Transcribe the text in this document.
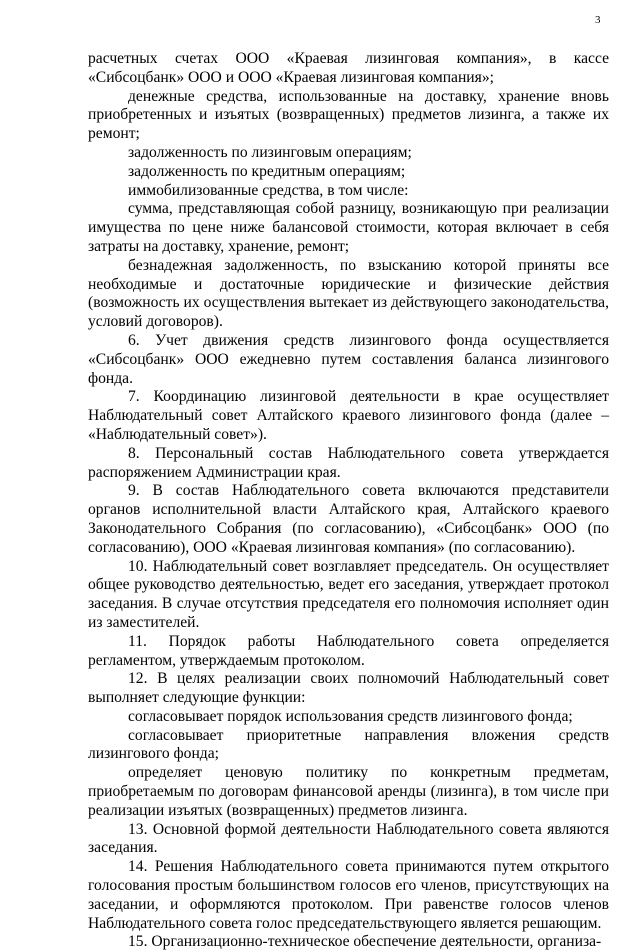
3

расчетных счетах ООО «Краевая лизинговая компания», в кассе «Сибсоцбанк» ООО и ООО «Краевая лизинговая компания»;

денежные средства, использованные на доставку, хранение вновь приобретенных и изъятых (возвращенных) предметов лизинга, а также их ремонт;

задолженность по лизинговым операциям;

задолженность по кредитным операциям;

иммобилизованные средства, в том числе:

сумма, представляющая собой разницу, возникающую при реализации имущества по цене ниже балансовой стоимости, которая включает в себя затраты на доставку, хранение, ремонт;

безнадежная задолженность, по взысканию которой приняты все необходимые и достаточные юридические и физические действия (возможность их осуществления вытекает из действующего законодательства, условий договоров).

6. Учет движения средств лизингового фонда осуществляется «Сибсоцбанк» ООО ежедневно путем составления баланса лизингового фонда.

7. Координацию лизинговой деятельности в крае осуществляет Наблюдательный совет Алтайского краевого лизингового фонда (далее – «Наблюдательный совет»).

8. Персональный состав Наблюдательного совета утверждается распоряжением Администрации края.

9. В состав Наблюдательного совета включаются представители органов исполнительной власти Алтайского края, Алтайского краевого Законодательного Собрания (по согласованию), «Сибсоцбанк» ООО (по согласованию), ООО «Краевая лизинговая компания» (по согласованию).

10. Наблюдательный совет возглавляет председатель. Он осуществляет общее руководство деятельностью, ведет его заседания, утверждает протокол заседания. В случае отсутствия председателя его полномочия исполняет один из заместителей.

11. Порядок работы Наблюдательного совета определяется регламентом, утверждаемым протоколом.

12. В целях реализации своих полномочий Наблюдательный совет выполняет следующие функции:

согласовывает порядок использования средств лизингового фонда;

согласовывает приоритетные направления вложения средств лизингового фонда;

определяет ценовую политику по конкретным предметам, приобретаемым по договорам финансовой аренды (лизинга), в том числе при реализации изъятых (возвращенных) предметов лизинга.

13. Основной формой деятельности Наблюдательного совета являются заседания.

14. Решения Наблюдательного совета принимаются путем открытого голосования простым большинством голосов его членов, присутствующих на заседании, и оформляются протоколом. При равенстве голосов членов Наблюдательного совета голос председательствующего является решающим.

15. Организационно-техническое обеспечение деятельности, организа-
